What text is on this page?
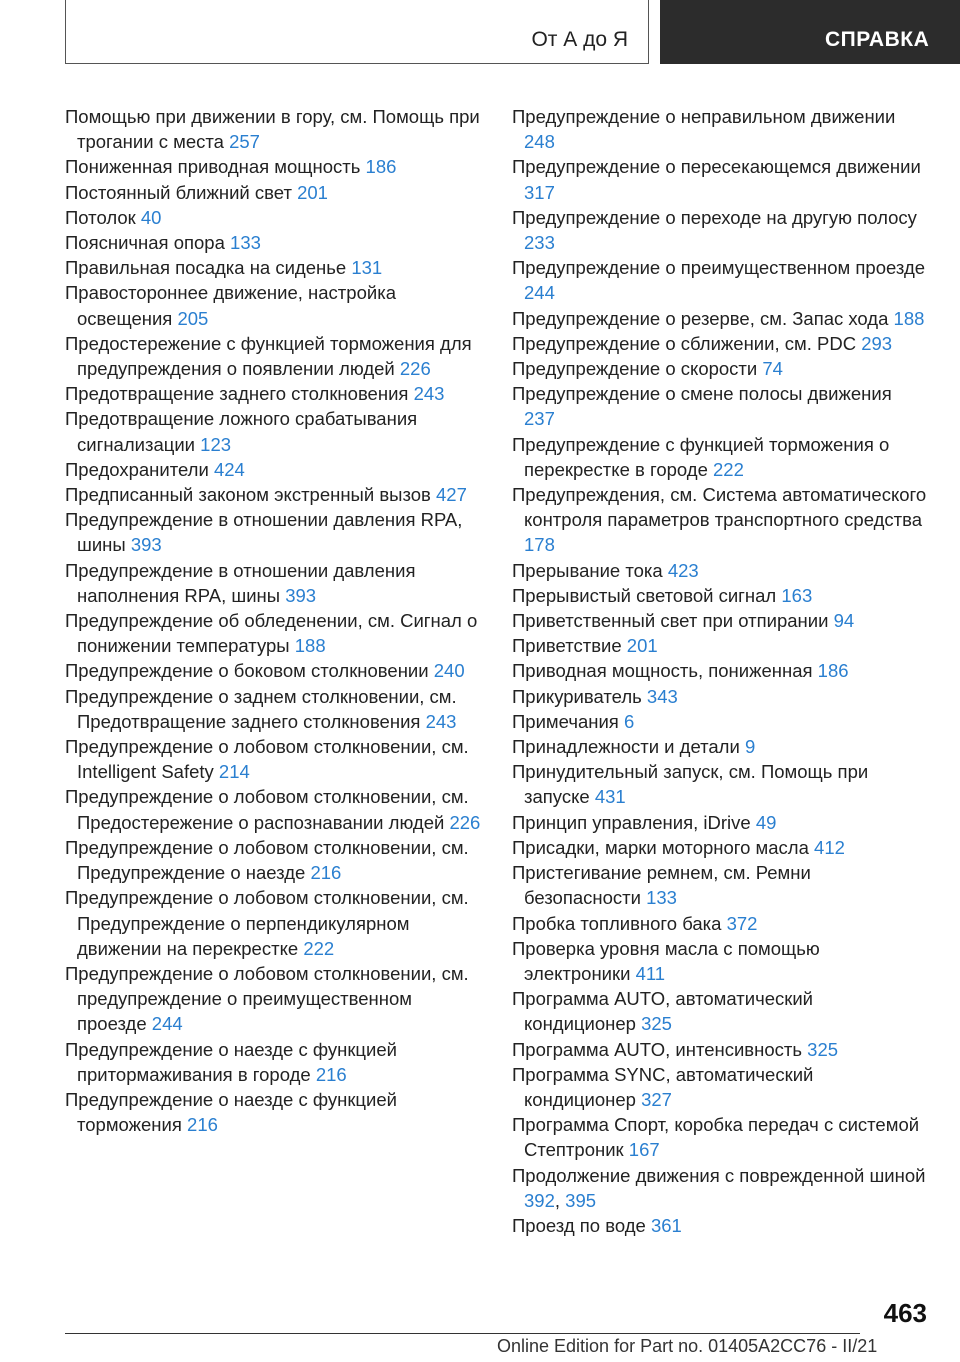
От А до Я	СПРАВКА
Помощью при движении в гору, см. Помощь при трогании с места 257
Пониженная приводная мощность 186
Постоянный ближний свет 201
Потолок 40
Поясничная опора 133
Правильная посадка на сиденье 131
Правостороннее движение, настройка освещения 205
Предостережение с функцией торможения для предупреждения о появлении людей 226
Предотвращение заднего столкновения 243
Предотвращение ложного срабатывания сигнализации 123
Предохранители 424
Предписанный законом экстренный вызов 427
Предупреждение в отношении давления RPA, шины 393
Предупреждение в отношении давления наполнения RPA, шины 393
Предупреждение об обледенении, см. Сигнал о понижении температуры 188
Предупреждение о боковом столкновении 240
Предупреждение о заднем столкновении, см. Предотвращение заднего столкновения 243
Предупреждение о лобовом столкновении, см. Intelligent Safety 214
Предупреждение о лобовом столкновении, см. Предостережение о распознавании людей 226
Предупреждение о лобовом столкновении, см. Предупреждение о наезде 216
Предупреждение о лобовом столкновении, см. Предупреждение о перпендикулярном движении на перекрестке 222
Предупреждение о лобовом столкновении, см. предупреждение о преимущественном проезде 244
Предупреждение о наезде с функцией притормаживания в городе 216
Предупреждение о наезде с функцией торможения 216
Предупреждение о неправильном движении 248
Предупреждение о пересекающемся движении 317
Предупреждение о переходе на другую полосу 233
Предупреждение о преимущественном проезде 244
Предупреждение о резерве, см. Запас хода 188
Предупреждение о сближении, см. PDC 293
Предупреждение о скорости 74
Предупреждение о смене полосы движения 237
Предупреждение с функцией торможения о перекрестке в городе 222
Предупреждения, см. Система автоматического контроля параметров транспортного средства 178
Прерывание тока 423
Прерывистый световой сигнал 163
Приветственный свет при отпирании 94
Приветствие 201
Приводная мощность, пониженная 186
Прикуриватель 343
Примечания 6
Принадлежности и детали 9
Принудительный запуск, см. Помощь при запуске 431
Принцип управления, iDrive 49
Присадки, марки моторного масла 412
Пристегивание ремнем, см. Ремни безопасности 133
Пробка топливного бака 372
Проверка уровня масла с помощью электроники 411
Программа AUTO, автоматический кондиционер 325
Программа AUTO, интенсивность 325
Программа SYNC, автоматический кондиционер 327
Программа Спорт, коробка передач с системой Стептроник 167
Продолжение движения с поврежденной шиной 392, 395
Проезд по воде 361
463
Online Edition for Part no. 01405A2CC76 - II/21
